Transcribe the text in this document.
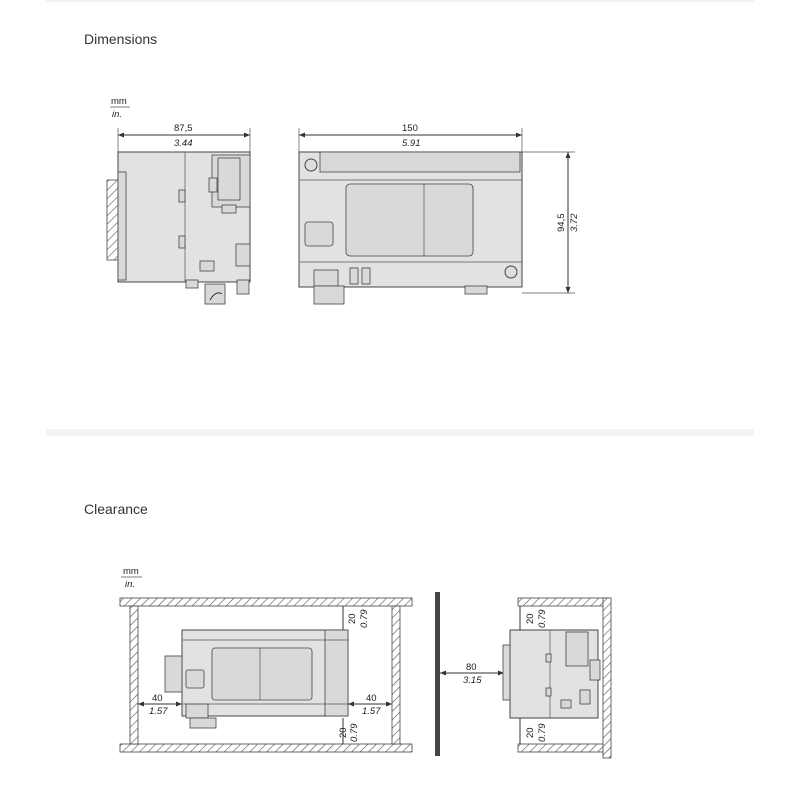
Dimensions
mm
in.
87,5
3.44
150
5.91
94,5 3.72
Clearance
mm
in.
20 0.79
20 0.79
40
1.57
40
1.57
80
3.15
20 0.79
20 0.79
